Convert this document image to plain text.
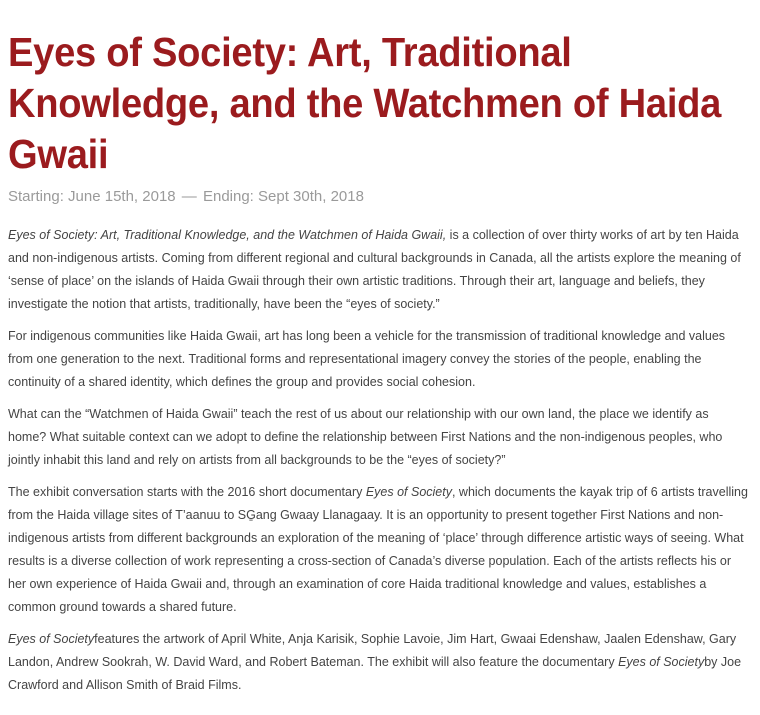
Eyes of Society: Art, Traditional Knowledge, and the Watchmen of Haida Gwaii
Starting: June 15th, 2018 — Ending: Sept 30th, 2018

Eyes of Society: Art, Traditional Knowledge, and the Watchmen of Haida Gwaii, is a collection of over thirty works of art by ten Haida and non-indigenous artists. Coming from different regional and cultural backgrounds in Canada, all the artists explore the meaning of ‘sense of place’ on the islands of Haida Gwaii through their own artistic traditions. Through their art, language and beliefs, they investigate the notion that artists, traditionally, have been the “eyes of society.”

For indigenous communities like Haida Gwaii, art has long been a vehicle for the transmission of traditional knowledge and values from one generation to the next. Traditional forms and representational imagery convey the stories of the people, enabling the continuity of a shared identity, which defines the group and provides social cohesion.

What can the “Watchmen of Haida Gwaii” teach the rest of us about our relationship with our own land, the place we identify as home? What suitable context can we adopt to define the relationship between First Nations and the non-indigenous peoples, who jointly inhabit this land and rely on artists from all backgrounds to be the “eyes of society?”

The exhibit conversation starts with the 2016 short documentary Eyes of Society, which documents the kayak trip of 6 artists travelling from the Haida village sites of T’aanuu to SG̱ang Gwaay Llanagaay. It is an opportunity to present together First Nations and non-indigenous artists from different backgrounds an exploration of the meaning of ‘place’ through difference artistic ways of seeing. What results is a diverse collection of work representing a cross-section of Canada’s diverse population. Each of the artists reflects his or her own experience of Haida Gwaii and, through an examination of core Haida traditional knowledge and values, establishes a common ground towards a shared future.

Eyes of Societyfeatures the artwork of April White, Anja Karisik, Sophie Lavoie, Jim Hart, Gwaai Edenshaw, Jaalen Edenshaw, Gary Landon, Andrew Sookrah, W. David Ward, and Robert Bateman. The exhibit will also feature the documentary Eyes of Societyby Joe Crawford and Allison Smith of Braid Films.
